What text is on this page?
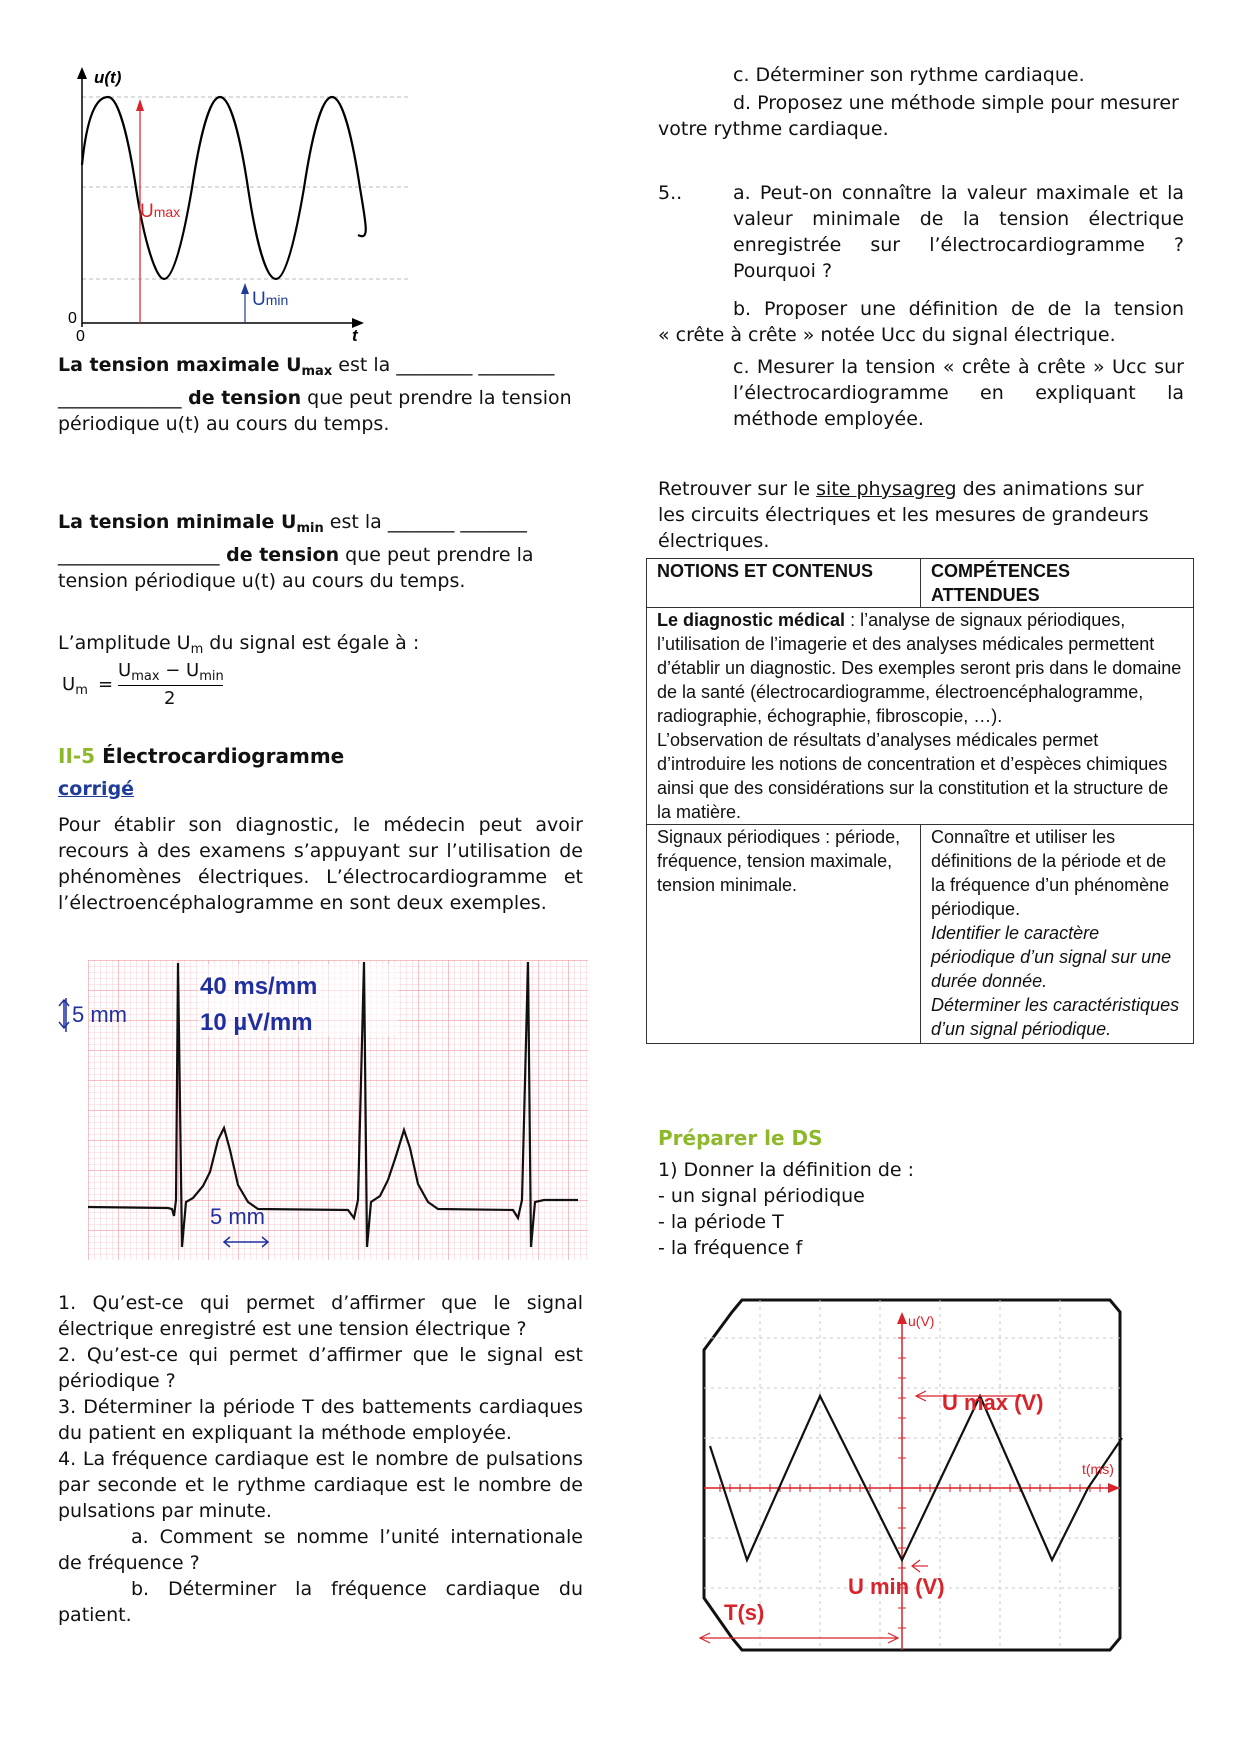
u(t)
t
0
0
Umax
Umin
La tension maximale $U_{max}$ est la ________ ________
_____________ de tension que peut prendre la tension périodique u(t) au cours du temps.
La tension minimale $U_{min}$ est la _______ _______
_________________ de tension que peut prendre la tension périodique u(t) au cours du temps.
L’amplitude $U_m$ du signal est égale à :
$U_m$ =
$U_{max} - U_{min}$
2
II-5 Électrocardiogramme
corrigé
Pour établir son diagnostic, le médecin peut avoir recours à des examens s’appuyant sur l’utilisation de phénomènes électriques. L’électrocardiogramme et l’électroencéphalogramme en sont deux exemples.
40 ms/mm
10 µV/mm
5 mm
5 mm

1. Qu’est-ce qui permet d’affirmer que le signal électrique enregistré est une tension électrique ?

2. Qu’est-ce qui permet d’affirmer que le signal est périodique ?

3. Déterminer la période T des battements cardiaques du patient en expliquant la méthode employée.

4. La fréquence cardiaque est le nombre de pulsations par seconde et le rythme cardiaque est le nombre de pulsations par minute.

a. Comment se nomme l’unité internationale de fréquence ?

b. Déterminer la fréquence cardiaque du patient.

c. Déterminer son rythme cardiaque.
d. Proposez une méthode simple pour mesurer
votre rythme cardiaque.
5..	a. Peut-on connaître la valeur maximale et la valeur minimale de la tension électrique enregistrée sur l’électrocardiogramme ? Pourquoi ?
b. Proposer une définition de de la tension
« crête à crête » notée Ucc du signal électrique.
c. Mesurer la tension « crête à crête » Ucc sur l’électrocardiogramme en expliquant la méthode employée.
Retrouver sur le site physagreg des animations sur les circuits électriques et les mesures de grandeurs électriques.
NOTIONS ET CONTENUS	COMPÉTENCES ATTENDUES
Le diagnostic médical : l’analyse de signaux périodiques, l’utilisation de l’imagerie et des analyses médicales permettent d’établir un diagnostic. Des exemples seront pris dans le domaine de la santé (électrocardiogramme, électroencéphalogramme, radiographie, échographie, fibroscopie, …).
L’observation de résultats d’analyses médicales permet d’introduire les notions de concentration et d’espèces chimiques ainsi que des considérations sur la constitution et la structure de la matière.	
Signaux périodiques : période, fréquence, tension maximale, tension minimale.	Connaître et utiliser les définitions de la période et de la fréquence d’un phénomène périodique.
Identifier le caractère périodique d’un signal sur une durée donnée.
Déterminer les caractéristiques d’un signal périodique.
Préparer le DS

1) Donner la définition de :

- un signal périodique

- la période T

- la fréquence f

u(V)
t(ms)
U max (V)
U min (V)
T(s)
